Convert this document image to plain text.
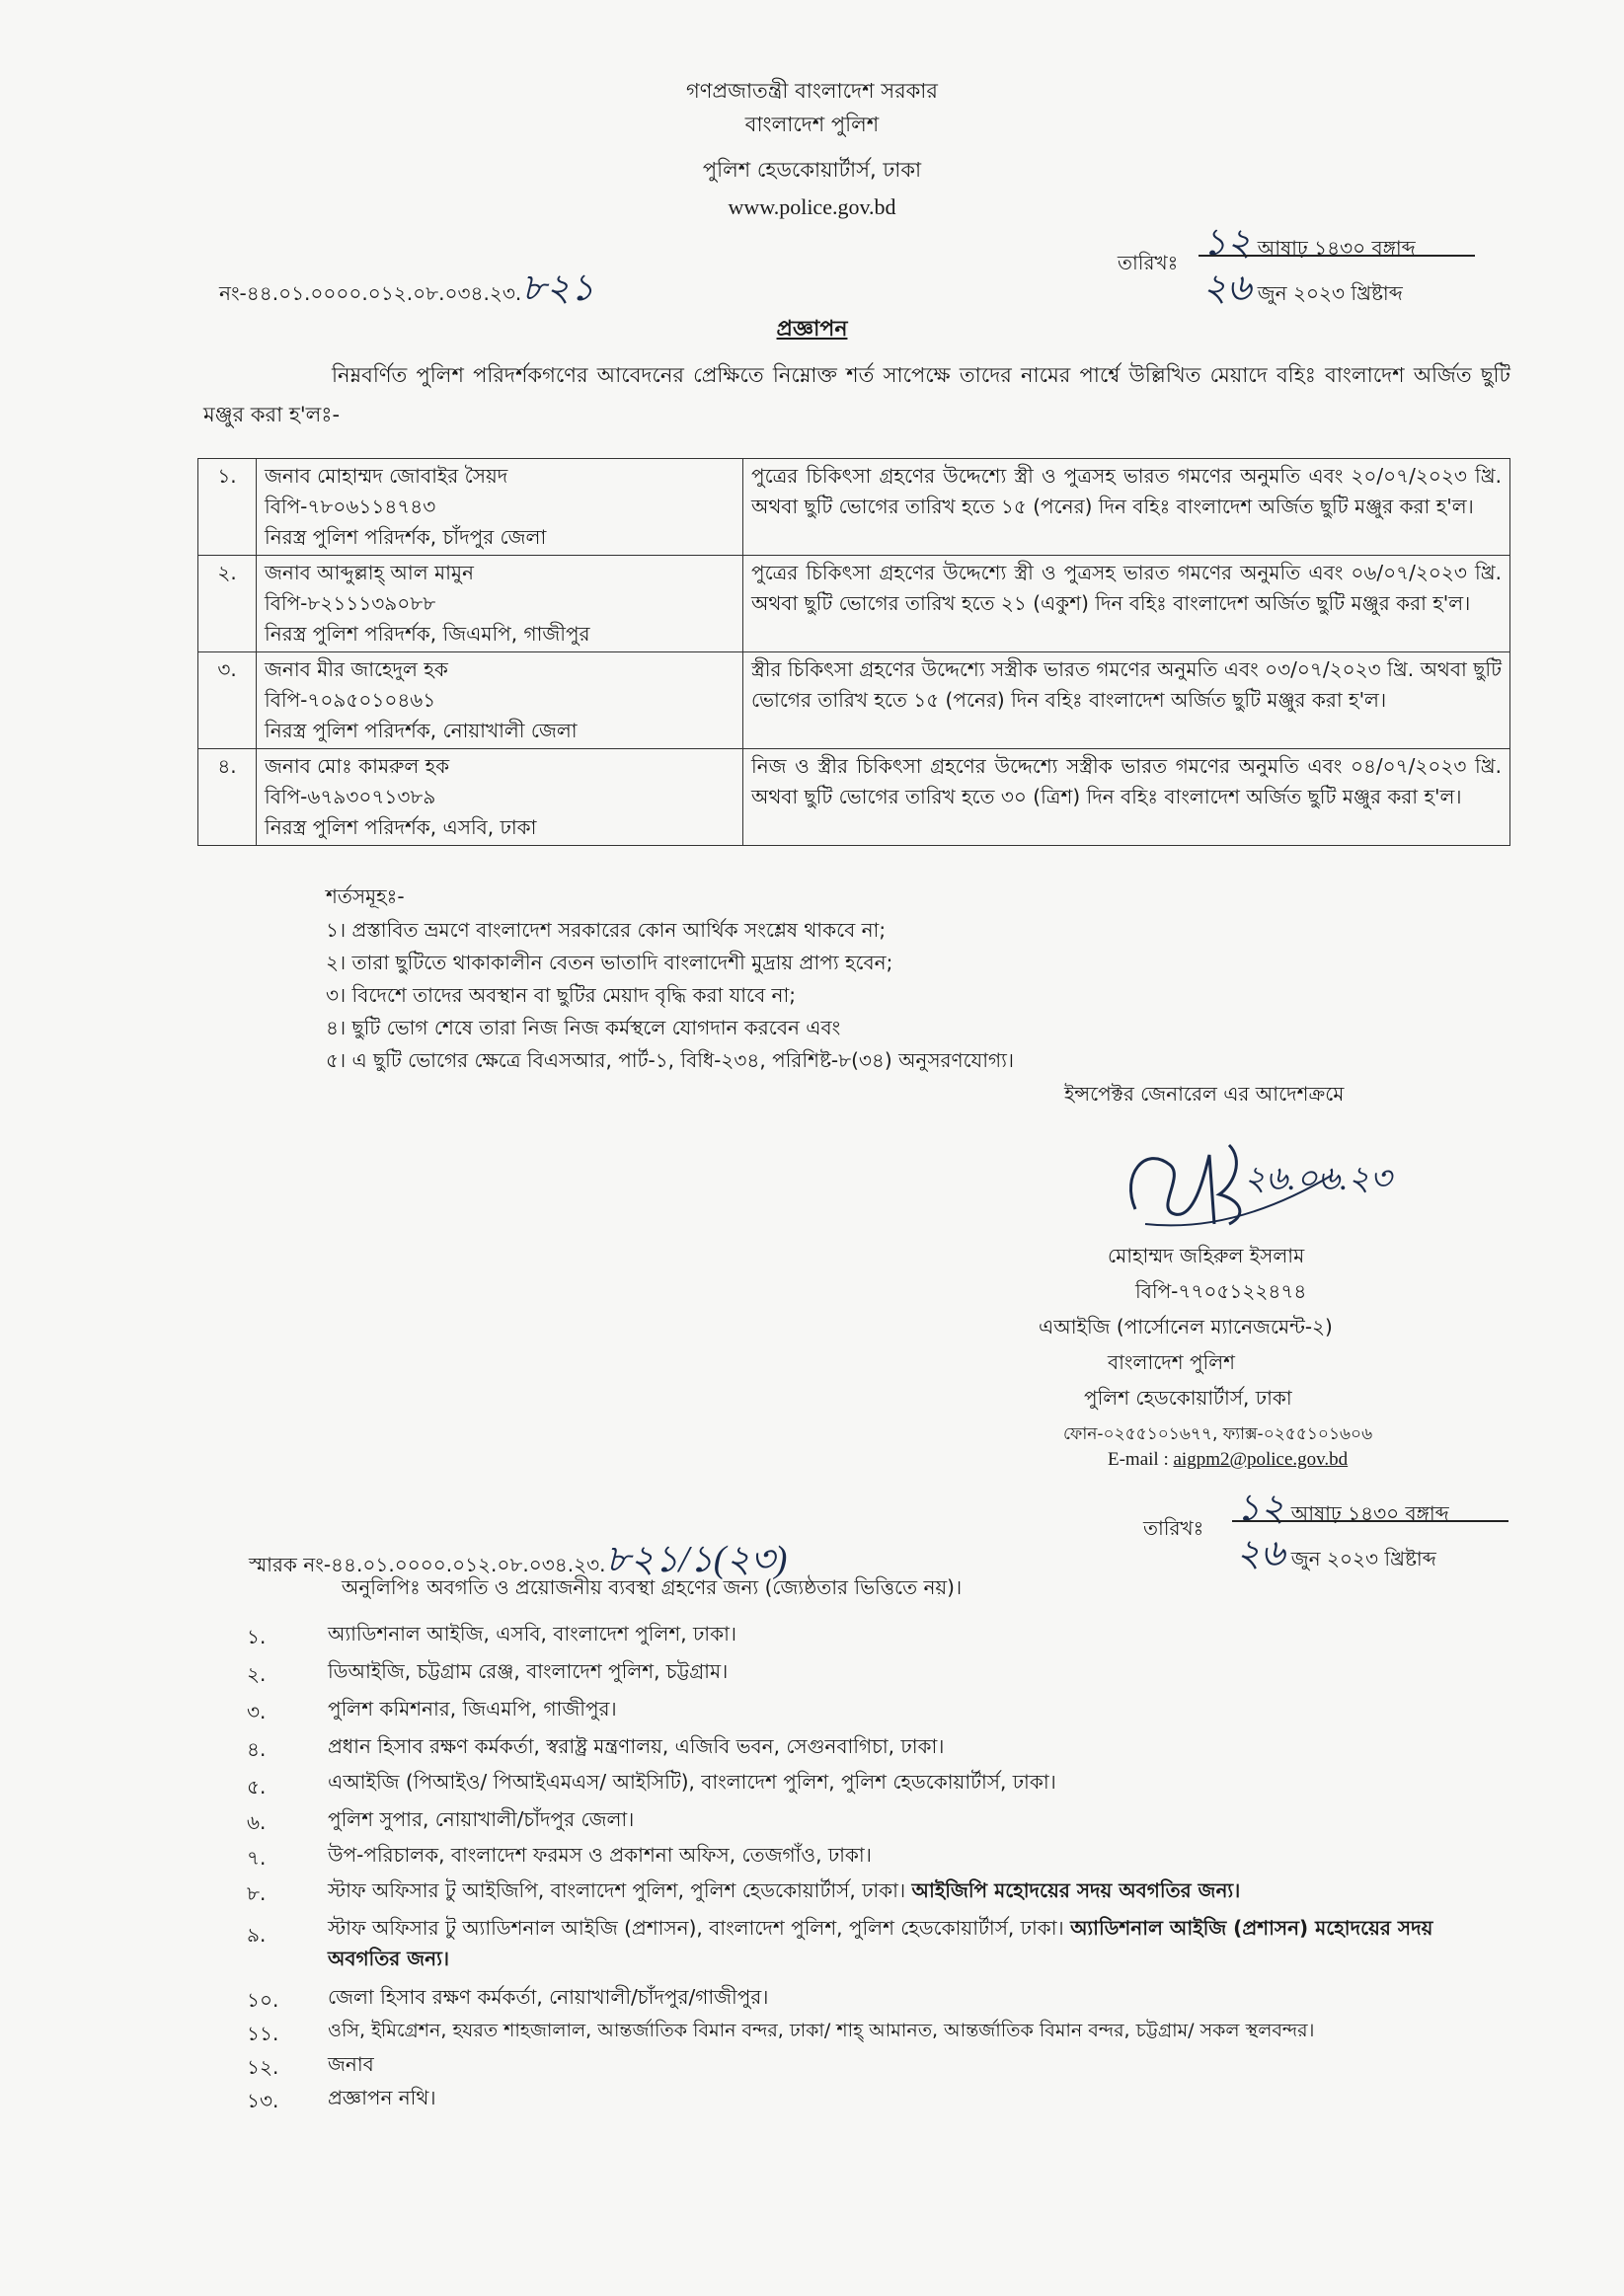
গণপ্রজাতন্ত্রী বাংলাদেশ সরকার
বাংলাদেশ পুলিশ
পুলিশ হেডকোয়ার্টার্স, ঢাকা
www.police.gov.bd
নং-৪৪.০১.০০০০.০১২.০৮.০৩৪.২৩.৮২১
তারিখঃ ১২ আষাঢ় ১৪৩০ বঙ্গাব্দ
২৬ জুন ২০২৩ খ্রিষ্টাব্দ
প্রজ্ঞাপন
নিম্নবর্ণিত পুলিশ পরিদর্শকগণের আবেদনের প্রেক্ষিতে নিম্নোক্ত শর্ত সাপেক্ষে তাদের নামের পার্শ্বে উল্লিখিত মেয়াদে বহিঃ বাংলাদেশ অর্জিত ছুটি মঞ্জুর করা হ'লঃ-
১.	জনাব মোহাম্মদ জোবাইর সৈয়দ
বিপি-৭৮০৬১১৪৭৪৩
নিরস্ত্র পুলিশ পরিদর্শক, চাঁদপুর জেলা	পুত্রের চিকিৎসা গ্রহণের উদ্দেশ্যে স্ত্রী ও পুত্রসহ ভারত গমণের অনুমতি এবং ২০/০৭/২০২৩ খ্রি. অথবা ছুটি ভোগের তারিখ হতে ১৫ (পনের) দিন বহিঃ বাংলাদেশ অর্জিত ছুটি মঞ্জুর করা হ'ল।
২.	জনাব আব্দুল্লাহ্ আল মামুন
বিপি-৮২১১১৩৯০৮৮
নিরস্ত্র পুলিশ পরিদর্শক, জিএমপি, গাজীপুর	পুত্রের চিকিৎসা গ্রহণের উদ্দেশ্যে স্ত্রী ও পুত্রসহ ভারত গমণের অনুমতি এবং ০৬/০৭/২০২৩ খ্রি. অথবা ছুটি ভোগের তারিখ হতে ২১ (একুশ) দিন বহিঃ বাংলাদেশ অর্জিত ছুটি মঞ্জুর করা হ'ল।
৩.	জনাব মীর জাহেদুল হক
বিপি-৭০৯৫০১০৪৬১
নিরস্ত্র পুলিশ পরিদর্শক, নোয়াখালী জেলা	স্ত্রীর চিকিৎসা গ্রহণের উদ্দেশ্যে সস্ত্রীক ভারত গমণের অনুমতি এবং ০৩/০৭/২০২৩ খ্রি. অথবা ছুটি ভোগের তারিখ হতে ১৫ (পনের) দিন বহিঃ বাংলাদেশ অর্জিত ছুটি মঞ্জুর করা হ'ল।
৪.	জনাব মোঃ কামরুল হক
বিপি-৬৭৯৩০৭১৩৮৯
নিরস্ত্র পুলিশ পরিদর্শক, এসবি, ঢাকা	নিজ ও স্ত্রীর চিকিৎসা গ্রহণের উদ্দেশ্যে সস্ত্রীক ভারত গমণের অনুমতি এবং ০৪/০৭/২০২৩ খ্রি. অথবা ছুটি ভোগের তারিখ হতে ৩০ (ত্রিশ) দিন বহিঃ বাংলাদেশ অর্জিত ছুটি মঞ্জুর করা হ'ল।
শর্তসমূহঃ-
১। প্রস্তাবিত ভ্রমণে বাংলাদেশ সরকারের কোন আর্থিক সংশ্লেষ থাকবে না;
২। তারা ছুটিতে থাকাকালীন বেতন ভাতাদি বাংলাদেশী মুদ্রায় প্রাপ্য হবেন;
৩। বিদেশে তাদের অবস্থান বা ছুটির মেয়াদ বৃদ্ধি করা যাবে না;
৪। ছুটি ভোগ শেষে তারা নিজ নিজ কর্মস্থলে যোগদান করবেন এবং
৫। এ ছুটি ভোগের ক্ষেত্রে বিএসআর, পার্ট-১, বিধি-২৩৪, পরিশিষ্ট-৮(৩৪) অনুসরণযোগ্য।
ইন্সপেক্টর জেনারেল এর আদেশক্রমে
২৬.০৬.২৩
মোহাম্মদ জহিরুল ইসলাম
বিপি-৭৭০৫১২২৪৭৪
এআইজি (পার্সোনেল ম্যানেজমেন্ট-২)
বাংলাদেশ পুলিশ
পুলিশ হেডকোয়ার্টার্স, ঢাকা
ফোন-০২৫৫১০১৬৭৭, ফ্যাক্স-০২৫৫১০১৬০৬
E-mail : aigpm2@police.gov.bd
স্মারক নং-৪৪.০১.০০০০.০১২.০৮.০৩৪.২৩.৮২১/১(২৩)
তারিখঃ ১২ আষাঢ় ১৪৩০ বঙ্গাব্দ
২৬ জুন ২০২৩ খ্রিষ্টাব্দ
অনুলিপিঃ অবগতি ও প্রয়োজনীয় ব্যবস্থা গ্রহণের জন্য (জ্যেষ্ঠতার ভিত্তিতে নয়)।
১.	অ্যাডিশনাল আইজি, এসবি, বাংলাদেশ পুলিশ, ঢাকা।
২.	ডিআইজি, চট্টগ্রাম রেঞ্জ, বাংলাদেশ পুলিশ, চট্টগ্রাম।
৩.	পুলিশ কমিশনার, জিএমপি, গাজীপুর।
৪.	প্রধান হিসাব রক্ষণ কর্মকর্তা, স্বরাষ্ট্র মন্ত্রণালয়, এজিবি ভবন, সেগুনবাগিচা, ঢাকা।
৫.	এআইজি (পিআইও/ পিআইএমএস/ আইসিটি), বাংলাদেশ পুলিশ, পুলিশ হেডকোয়ার্টার্স, ঢাকা।
৬.	পুলিশ সুপার, নোয়াখালী/চাঁদপুর জেলা।
৭.	উপ-পরিচালক, বাংলাদেশ ফরমস ও প্রকাশনা অফিস, তেজগাঁও, ঢাকা।
৮.	স্টাফ অফিসার টু আইজিপি, বাংলাদেশ পুলিশ, পুলিশ হেডকোয়ার্টার্স, ঢাকা। আইজিপি মহোদয়ের সদয় অবগতির জন্য।
৯.	স্টাফ অফিসার টু অ্যাডিশনাল আইজি (প্রশাসন), বাংলাদেশ পুলিশ, পুলিশ হেডকোয়ার্টার্স, ঢাকা। অ্যাডিশনাল আইজি (প্রশাসন) মহোদয়ের সদয় অবগতির জন্য।
১০.	জেলা হিসাব রক্ষণ কর্মকর্তা, নোয়াখালী/চাঁদপুর/গাজীপুর।
১১.	ওসি, ইমিগ্রেশন, হযরত শাহজালাল, আন্তর্জাতিক বিমান বন্দর, ঢাকা/ শাহ্ আমানত, আন্তর্জাতিক বিমান বন্দর, চট্টগ্রাম/ সকল স্থলবন্দর।
১২.	জনাব
১৩.	প্রজ্ঞাপন নথি।
